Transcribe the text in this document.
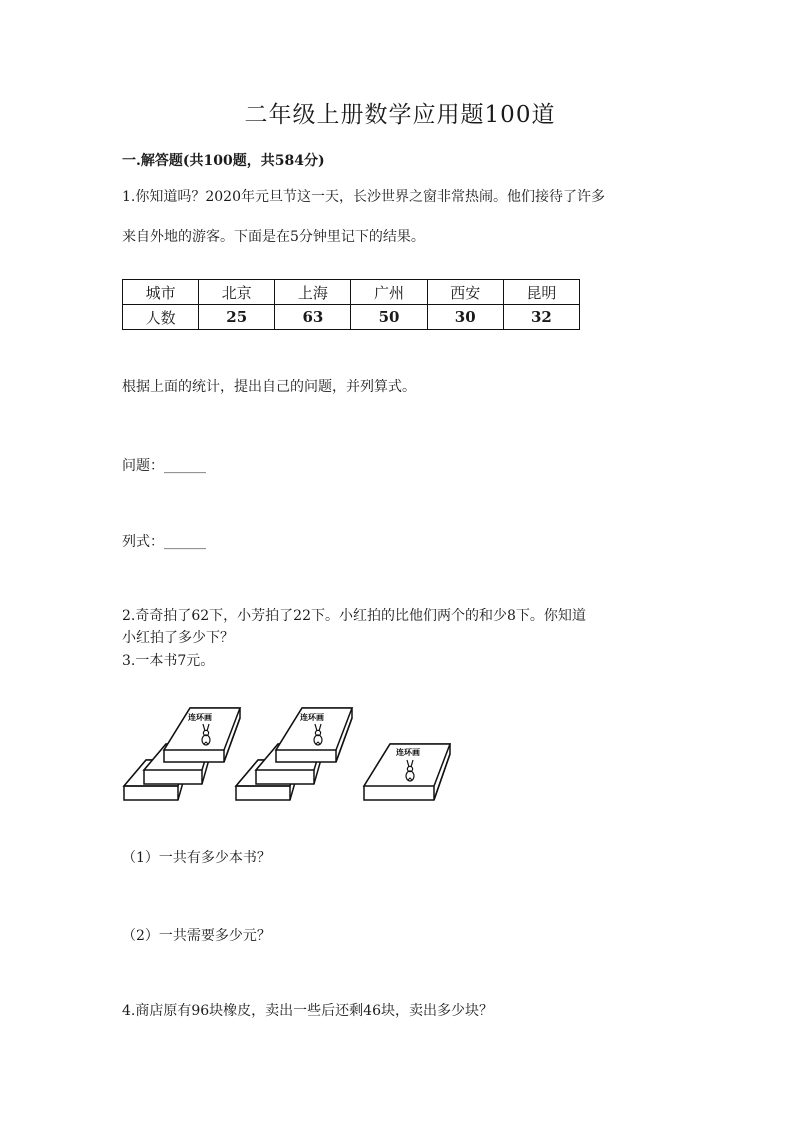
二年级上册数学应用题100道
一.解答题(共100题，共584分)
1.你知道吗？2020年元旦节这一天，长沙世界之窗非常热闹。他们接待了许多
来自外地的游客。下面是在5分钟里记下的结果。
城市	北京	上海	广州	西安	昆明
人数	25	63	50	30	32
根据上面的统计，提出自己的问题，并列算式。
问题：______
列式：______
2.奇奇拍了62下，小芳拍了22下。小红拍的比他们两个的和少8下。你知道
小红拍了多少下？
3.一本书7元。
连环画	连环画
连环画
（1）一共有多少本书？
（2）一共需要多少元？
4.商店原有96块橡皮，卖出一些后还剩46块，卖出多少块？
